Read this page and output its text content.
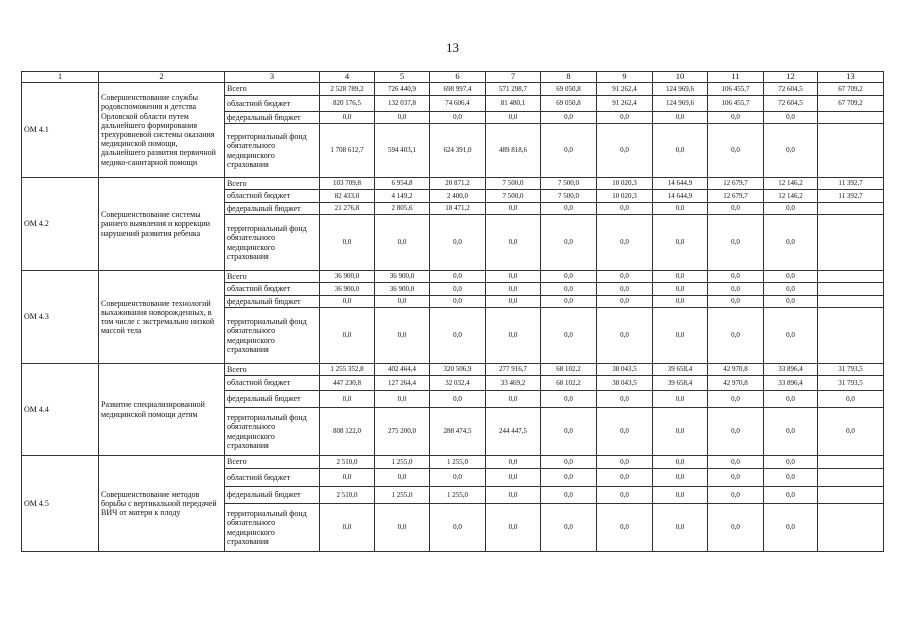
13
1	2	3	4	5	6	7	8	9	10	11	12	13
ОМ 4.1	Совершенствование службы родовспоможения и детства Орловской области путем дальнейшего формирования трехуровневой системы оказания медицинской помощи, дальнейшего развития первичной медико-санитарной помощи	Всего	2 528 789,2	726 440,9	698 997,4	571 298,7	69 050,8	91 262,4	124 969,6	106 455,7	72 604,5	67 709,2
		областной бюджет	820 176,5	132 037,8	74 606,4	81 480,1	69 050,8	91 262,4	124 969,6	106 455,7	72 604,5	67 709,2
		федеральный бюджет	0,0	0,0	0,0	0,0	0,0	0,0	0,0	0,0	0,0	
		территориальный фонд обязательного медицинского страхования	1 708 612,7	594 403,1	624 391,0	489 818,6	0,0	0,0	0,0	0,0	0,0	
ОМ 4.2	Совершенствование системы раннего выявления и коррекции нарушений развития ребенка	Всего	103 709,8	6 954,8	20 871,2	7 500,0	7 500,0	10 020,3	14 644,9	12 679,7	12 146,2	11 392,7
		областной бюджет	82 433,0	4 149,2	2 400,0	7 500,0	7 500,0	10 020,3	14 644,9	12 679,7	12 146,2	11 392,7
		федеральный бюджет	21 276,8	2 805,6	18 471,2	0,0	0,0	0,0	0,0	0,0	0,0	
		территориальный фонд обязательного медицинского страхования	0,0	0,0	0,0	0,0	0,0	0,0	0,0	0,0	0,0	
ОМ 4.3	Совершенствование технологий выхаживания новорожденных, в том числе с экстремально низкой массой тела	Всего	36 900,0	36 900,0	0,0	0,0	0,0	0,0	0,0	0,0	0,0	
		областной бюджет	36 900,0	36 900,0	0,0	0,0	0,0	0,0	0,0	0,0	0,0	
		федеральный бюджет	0,0	0,0	0,0	0,0	0,0	0,0	0,0	0,0	0,0	
		территориальный фонд обязательного медицинского страхования	0,0	0,0	0,0	0,0	0,0	0,0	0,0	0,0	0,0	
ОМ 4.4	Развитие специализированной медицинской помощи детям	Всего	1 255 352,8	402 464,4	320 506,9	277 916,7	68 102,2	38 043,5	39 658,4	42 970,8	33 896,4	31 793,5
		областной бюджет	447 230,8	127 264,4	32 032,4	33 469,2	68 102,2	38 043,5	39 658,4	42 970,8	33 896,4	31 793,5
		федеральный бюджет	0,0	0,0	0,0	0,0	0,0	0,0	0,0	0,0	0,0	0,0
		территориальный фонд обязательного медицинского страхования	808 122,0	275 200,0	288 474,5	244 447,5	0,0	0,0	0,0	0,0	0,0	0,0
ОМ 4.5	Совершенствование методов борьбы с вертикальной передачей ВИЧ от матери к плоду	Всего	2 510,0	1 255,0	1 255,0	0,0	0,0	0,0	0,0	0,0	0,0	
		областной бюджет	0,0	0,0	0,0	0,0	0,0	0,0	0,0	0,0	0,0	
		федеральный бюджет	2 510,0	1 255,0	1 255,0	0,0	0,0	0,0	0,0	0,0	0,0	
		территориальный фонд обязательного медицинского страхования	0,0	0,0	0,0	0,0	0,0	0,0	0,0	0,0	0,0	
